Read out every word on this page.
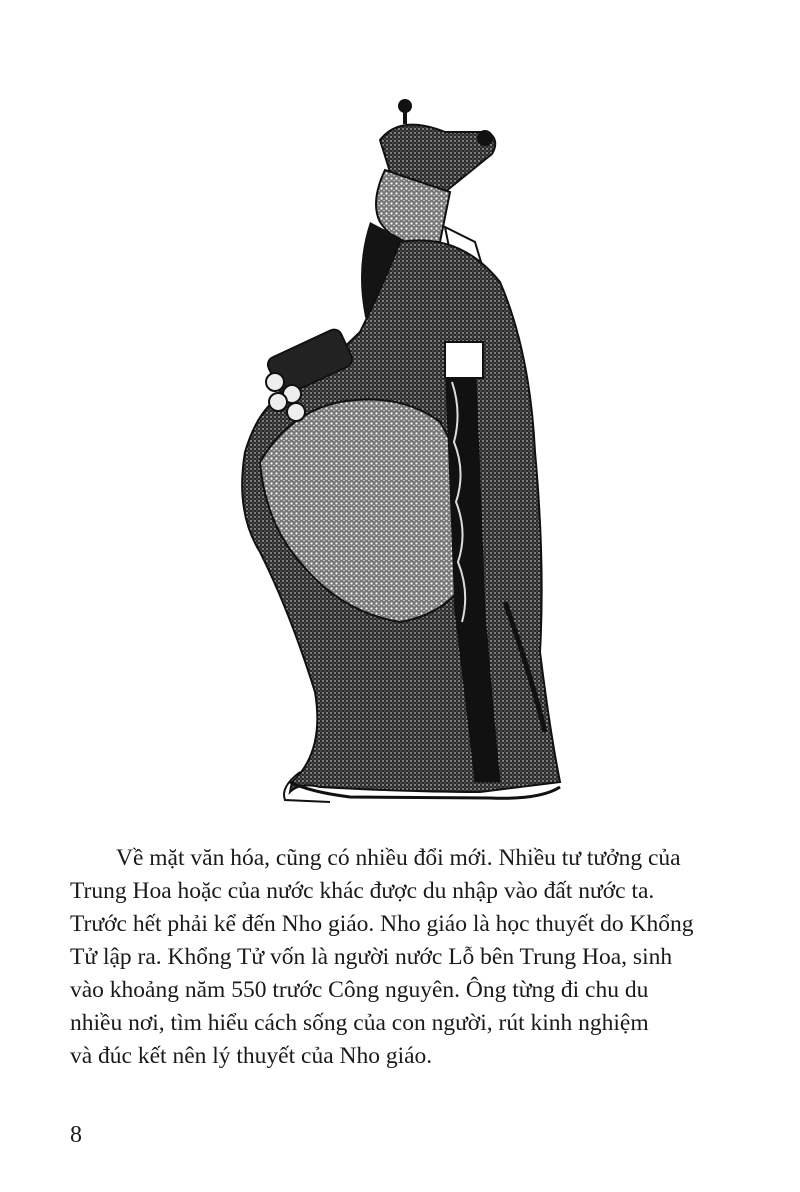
Về mặt văn hóa, cũng có nhiều đổi mới. Nhiều tư tưởng của
Trung Hoa hoặc của nước khác được du nhập vào đất nước ta.
Trước hết phải kể đến Nho giáo. Nho giáo là học thuyết do Khổng
Tử lập ra. Khổng Tử vốn là người nước Lỗ bên Trung Hoa, sinh
vào khoảng năm 550 trước Công nguyên. Ông từng đi chu du
nhiều nơi, tìm hiểu cách sống của con người, rút kinh nghiệm
và đúc kết nên lý thuyết của Nho giáo.
8
